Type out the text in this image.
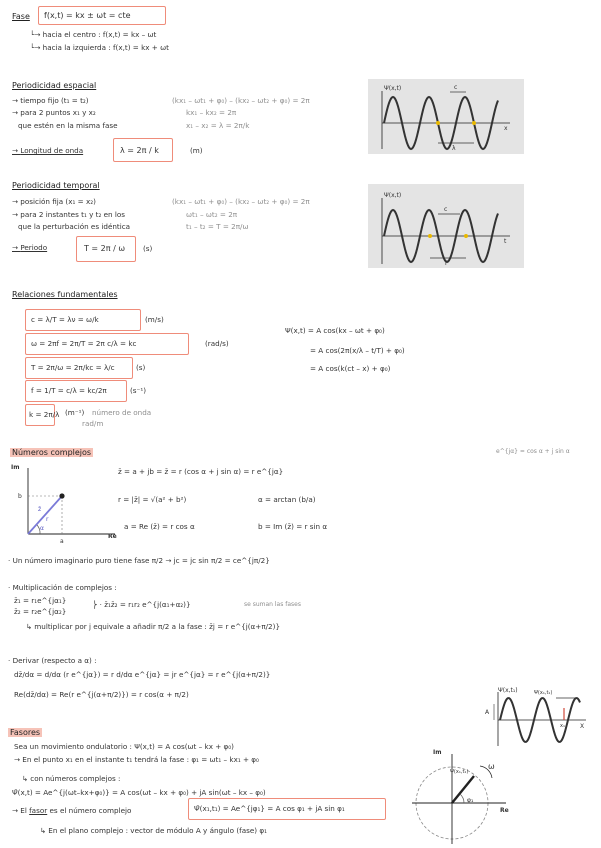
Fase f(x,t) = kx ± ωt = cte
└→ hacia el centro : f(x,t) = kx – ωt
└→ hacia la izquierda : f(x,t) = kx + ωt
Periodicidad espacial
→ tiempo fijo (t₁ = t₂)
→ para 2 puntos x₁ y x₂
que estén en la misma fase
(kx₁ – ωt₁ + φ₀) – (kx₂ – ωt₂ + φ₀) = 2π
kx₁ – kx₂ = 2π
x₁ – x₂ = λ = 2π/k
→ Longitud de onda	λ = 2π / k	(m)
Ψ(x,t)	c
x
λ
Periodicidad temporal
→ posición fija (x₁ = x₂)
→ para 2 instantes t₁ y t₂ en los
que la perturbación es idéntica
(kx₁ – ωt₁ + φ₀) – (kx₂ – ωt₂ + φ₀) = 2π
ωt₁ – ωt₂ = 2π
t₁ – t₂ = T = 2π/ω
→ Periodo	T = 2π / ω (s)
Ψ(x,t)
c
t
T
Relaciones fundamentales
c = λ/T = λν = ω/k	(m/s)
ω = 2πf = 2π/T = 2π c/λ = kc	(rad/s)
T = 2π/ω = 2π/kc = λ/c	(s)
f = 1/T = c/λ = kc/2π	(s⁻¹)
k = 2π/λ (m⁻¹) número de onda
rad/m
Ψ(x,t) = A cos(kx – ωt + φ₀)
= A cos(2π(x/λ – t/T) + φ₀)
= A cos(k(ct – x) + φ₀)
Números complejos	e^{jα} = cos α + j sin α
Im
Re
b
a
z̄
r
α
z̄ = a + jb = z̄ = r (cos α + j sin α) = r e^{jα}
r = |z̄| = √(a² + b²)	α = arctan (b/a)
a = Re (z̄) = r cos α	b = Im (z̄) = r sin α
· Un número imaginario puro tiene fase π/2 → jc = jc sin π/2 = ce^{jπ/2}
· Multiplicación de complejos :
z̄₁ = r₁e^{jα₁}
z̄₂ = r₂e^{jα₂}
⎬ · z̄₁z̄₂ = r₁r₂ e^{j(α₁+α₂)}	se suman las fases
↳ multiplicar por j equivale a añadir π/2 a la fase : z̄j = r e^{j(α+π/2)}
· Derivar (respecto a α) :
dz̄/dα = d/dα (r e^{jα}) = r d/dα e^{jα} = jr e^{jα} = r e^{j(α+π/2)}
Re(dz̄/dα) = Re(r e^{j(α+π/2)}) = r cos(α + π/2)	Ψ(x,t₁)	Ψ(x₁,t₁)
A
X
x₁
Fasores
Sea un movimiento ondulatorio : Ψ(x,t) = A cos(ωt – kx + φ₀)
→ En el punto x₁ en el instante t₁ tendrá la fase : φ₁ = ωt₁ – kx₁ + φ₀
↳ con números complejos :
Ψ̄(x,t) = Ae^{j(ωt–kx+φ₀)} = A cos(ωt – kx + φ₀) + jA sin(ωt – kx – φ₀)
→ El fasor es el número complejo	Ψ̄(x₁,t₁) = Ae^{jφ₁} = A cos φ₁ + jA sin φ₁
↳ En el plano complejo : vector de módulo A y ángulo (fase) φ₁
Im
Re
ω
φ₁
Ψ(x₁,t₁)
